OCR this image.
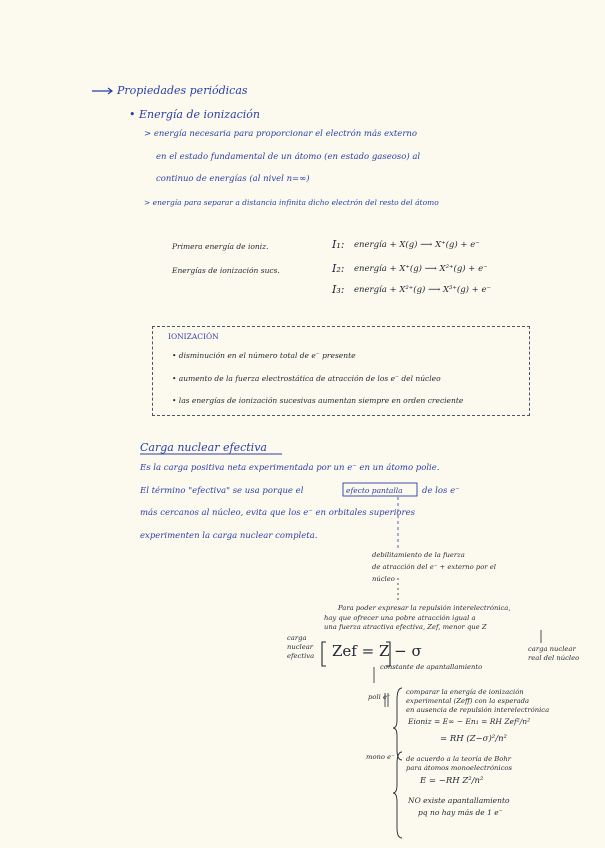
Propiedades periódicas
• Energía de ionización
> energía necesaria para proporcionar el electrón más externo
en el estado fundamental de un átomo (en estado gaseoso) al
continuo de energías (al nivel n=∞)
> energía para separar a distancia infinita dicho electrón del resto del átomo
Primera energía de ioniz.
Energías de ionización sucs.
I₁: energía + X(g) ⟶ X⁺(g) + e⁻
I₂: energía + X⁺(g) ⟶ X²⁺(g) + e⁻
I₃: energía + X²⁺(g) ⟶ X³⁺(g) + e⁻
IONIZACIÓN
• disminución en el número total de e⁻ presente
• aumento de la fuerza electrostática de atracción de los e⁻ del núcleo
• las energías de ionización sucesivas aumentan siempre en orden creciente
Carga nuclear efectiva
Es la carga positiva neta experimentada por un e⁻ en un átomo polie.
El término "efectiva" se usa porque el	efecto pantalla de los e⁻
más cercanos al núcleo, evita que los e⁻ en orbitales superiores
experimenten la carga nuclear completa.
debilitamiento de la fuerza
de atracción del e⁻ + externo por el
núcleo
Para poder expresar la repulsión interelectrónica,
hay que ofrecer una pobre atracción igual a
una fuerza atractiva efectiva, Zef, menor que Z
carga
nuclear
efectiva Zef = Z − σ	carga nuclear
real del núcleo
constante de apantallamiento
poli e⁻
comparar la energía de ionización
experimental (Zeff) con la esperada
en ausencia de repulsión interelectrónica
Eioniz = E∞ − En₁ = RH Zef²/n²
= RH (Z−σ)²/n²
mono e⁻ de acuerdo a la teoría de Bohr
para átomos monoelectrónicos
E = −RH Z²/n²
NO existe apantallamiento
pq no hay más de 1 e⁻
